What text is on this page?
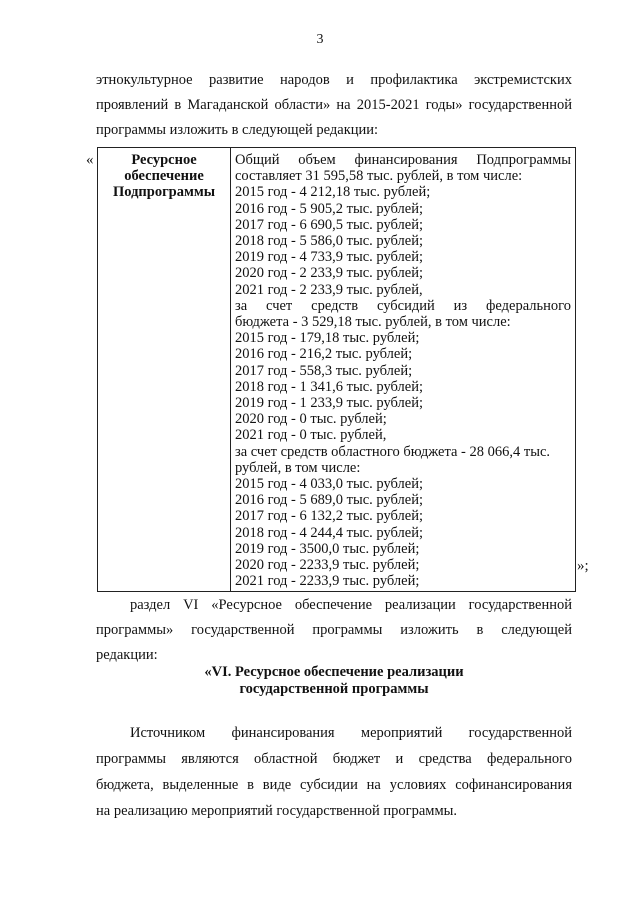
3
этнокультурное развитие народов и профилактика экстремистских
проявлений в Магаданской области» на 2015-2021 годы» государственной
программы изложить в следующей редакции:
«	Ресурсное
обеспечение
Подпрограммы

Общий объем финансирования Подпрограммы
составляет 31 595,58 тыс. рублей, в том числе:
2015 год - 4 212,18 тыс. рублей;
2016 год - 5 905,2 тыс. рублей;
2017 год - 6 690,5 тыс. рублей;
2018 год - 5 586,0 тыс. рублей;
2019 год - 4 733,9 тыс. рублей;
2020 год - 2 233,9 тыс. рублей;
2021 год - 2 233,9 тыс. рублей,
за счет средств субсидий из федерального
бюджета - 3 529,18 тыс. рублей, в том числе:
2015 год - 179,18 тыс. рублей;
2016 год - 216,2 тыс. рублей;
2017 год - 558,3 тыс. рублей;
2018 год - 1 341,6 тыс. рублей;
2019 год - 1 233,9 тыс. рублей;
2020 год - 0 тыс. рублей;
2021 год - 0 тыс. рублей,
за счет средств областного бюджета - 28 066,4 тыс.
рублей, в том числе:
2015 год - 4 033,0 тыс. рублей;
2016 год - 5 689,0 тыс. рублей;
2017 год - 6 132,2 тыс. рублей;
2018 год - 4 244,4 тыс. рублей;
2019 год - 3500,0 тыс. рублей;
2020 год - 2233,9 тыс. рублей;
2021 год - 2233,9 тыс. рублей;
»;
раздел VI «Ресурсное обеспечение реализации государственной
программы» государственной программы изложить в следующей
редакции:
«VI. Ресурсное обеспечение реализации
государственной программы
Источником финансирования мероприятий государственной
программы являются областной бюджет и средства федерального
бюджета, выделенные в виде субсидии на условиях софинансирования
на реализацию мероприятий государственной программы.
